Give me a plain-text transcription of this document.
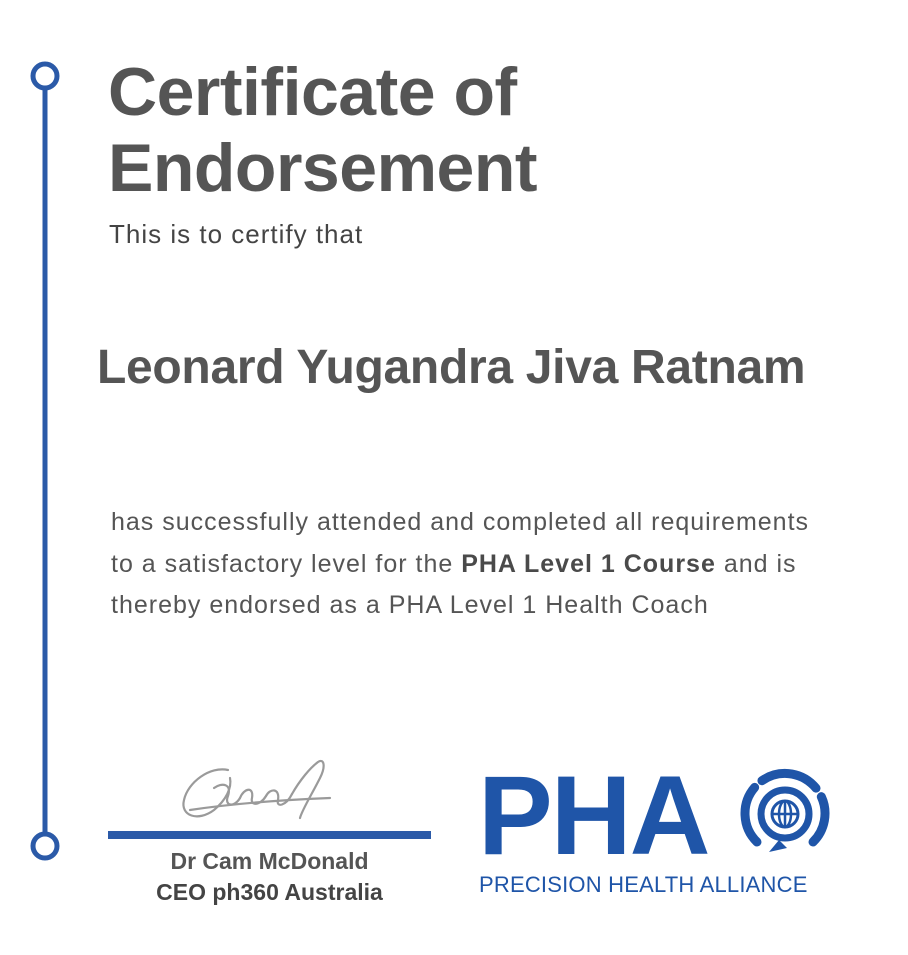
Certificate of
Endorsement
This is to certify that
Leonard Yugandra Jiva Ratnam
has successfully attended and completed all requirements to a satisfactory level for the PHA Level 1 Course and is thereby endorsed as a PHA Level 1 Health Coach
Dr Cam McDonald
CEO ph360 Australia
PHA
PRECISION HEALTH ALLIANCE
